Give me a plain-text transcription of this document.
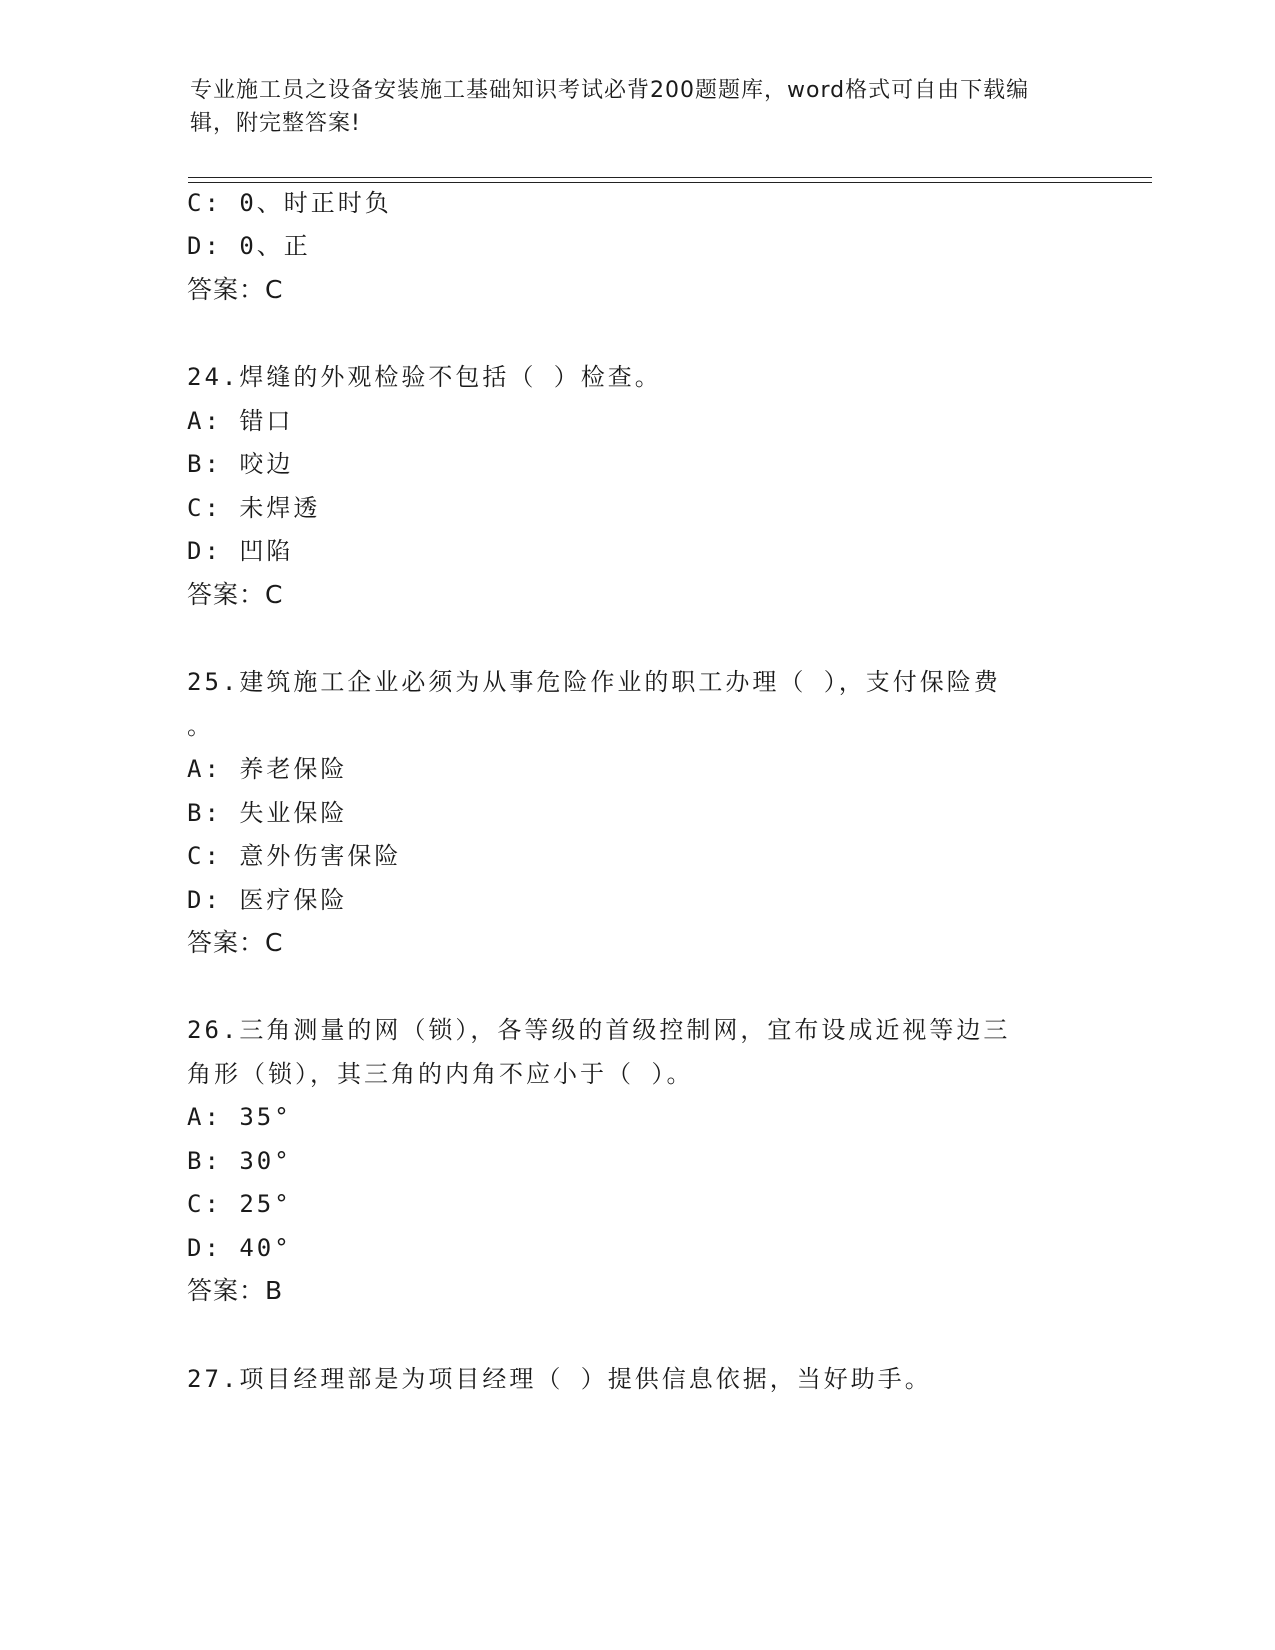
专业施工员之设备安装施工基础知识考试必背200题题库，word格式可自由下载编辑，附完整答案!
C: 0、时正时负
D: 0、正
答案：C
24.焊缝的外观检验不包括（ ）检查。
A: 错口
B: 咬边
C: 未焊透
D: 凹陷
答案：C
25.建筑施工企业必须为从事危险作业的职工办理（ ），支付保险费
。
A: 养老保险
B: 失业保险
C: 意外伤害保险
D: 医疗保险
答案：C
26.三角测量的网（锁），各等级的首级控制网，宜布设成近视等边三
角形（锁），其三角的内角不应小于（ ）。
A: 35°
B: 30°
C: 25°
D: 40°
答案：B
27.项目经理部是为项目经理（ ）提供信息依据，当好助手。
